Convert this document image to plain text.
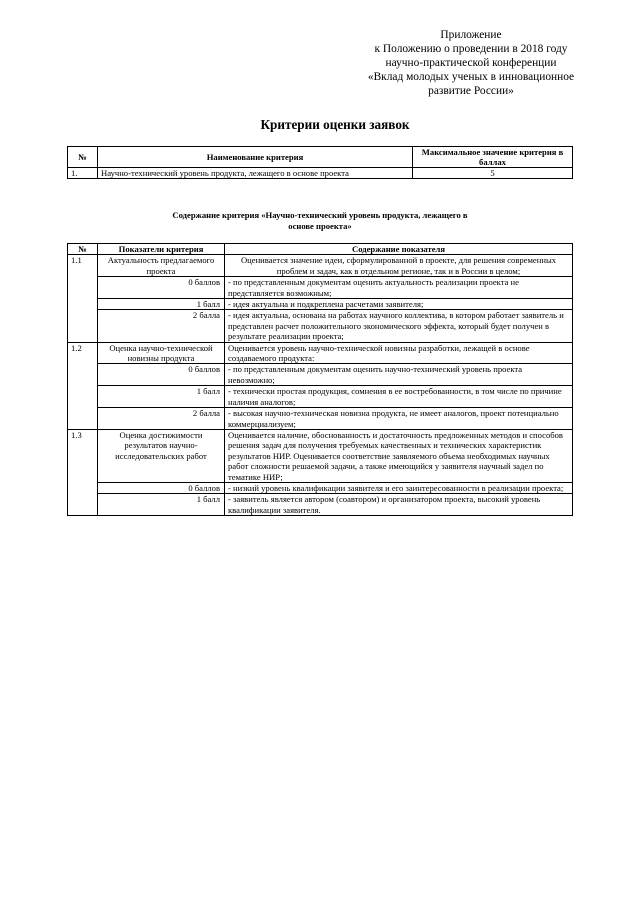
Приложение
к Положению о проведении в 2018 году
научно-практической конференции
«Вклад молодых ученых в инновационное
развитие России»
Критерии оценки заявок
№	Наименование критерия	Максимальное значение критерия в баллах
1.	Научно-технический уровень продукта, лежащего в основе проекта	5
Содержание критерия «Научно-технический уровень продукта, лежащего в основе проекта»
№	Показатели критерия	Содержание показателя
1.1	Актуальность предлагаемого проекта	Оценивается значение идеи, сформулированной в проекте, для решения современных проблем и задач, как в отдельном регионе, так и в России в целом;
	0 баллов	- по представленным документам оценить актуальность реализации проекта не представляется возможным;
	1 балл	- идея актуальна и подкреплена расчетами заявителя;
	2 балла	- идея актуальна, основана на работах научного коллектива, в котором работает заявитель и представлен расчет положительного экономического эффекта, который будет получен в результате реализации проекта;
1.2	Оценка научно-технической новизны продукта	Оценивается уровень научно-технической новизны разработки, лежащей в основе создаваемого продукта:
	0 баллов	- по представленным документам оценить научно-технический уровень проекта невозможно;
	1 балл	- технически простая продукция, сомнения в ее востребованности, в том числе по причине наличия аналогов;
	2 балла	- высокая научно-техническая новизна продукта, не имеет аналогов, проект потенциально коммерциализуем;
1.3	Оценка достижимости результатов научно-исследовательских работ	Оценивается наличие, обоснованность и достаточность предложенных методов и способов решения задач для получения требуемых качественных и технических характеристик результатов НИР. Оценивается соответствие заявляемого объема необходимых научных работ сложности решаемой задачи, а также имеющийся у заявителя научный задел по тематике НИР;
	0 баллов	- низкий уровень квалификации заявителя и его заинтересованности в реализации проекта;
	1 балл	- заявитель является автором (соавтором) и организатором проекта, высокий уровень квалификации заявителя.
